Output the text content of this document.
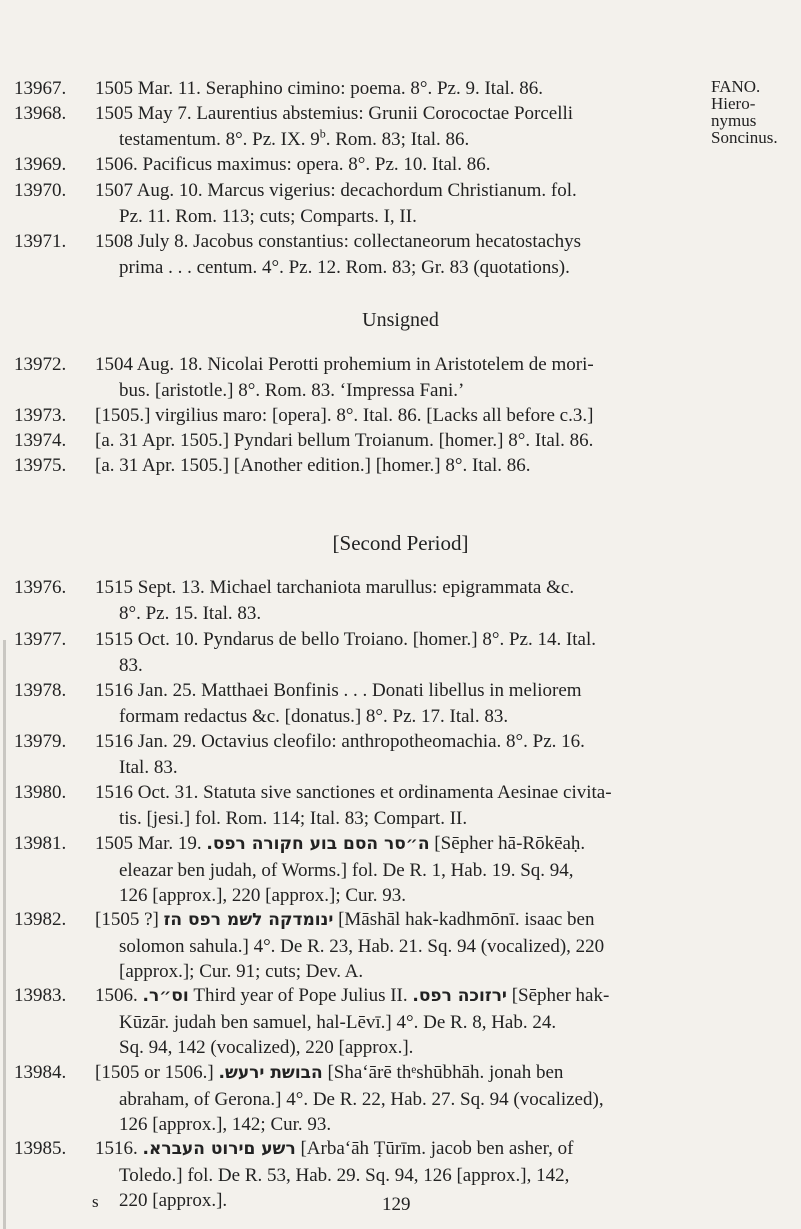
FANO.
Hiero-
nymus
Soncinus.
13967.	1505 Mar. 11. Seraphino cimino: poema. 8°. Pz. 9. Ital. 86.
13968.	1505 May 7. Laurentius abstemius: Grunii Corococtae Porcelli
testamentum. 8°. Pz. IX. 9$^b$. Rom. 83; Ital. 86.
13969.	1506. Pacificus maximus: opera. 8°. Pz. 10. Ital. 86.
13970.	1507 Aug. 10. Marcus vigerius: decachordum Christianum. fol.
Pz. 11. Rom. 113; cuts; Comparts. I, II.
13971.	1508 July 8. Jacobus constantius: collectaneorum hecatostachys
prima . . . centum. 4°. Pz. 12. Rom. 83; Gr. 83 (quotations).
Unsigned
13972.	1504 Aug. 18. Nicolai Perotti prohemium in Aristotelem de mori-
bus. [aristotle.] 8°. Rom. 83. ‘Impressa Fani.’
13973.	[1505.] virgilius maro: [opera]. 8°. Ital. 86. [Lacks all before c.3.]
13974.	[a. 31 Apr. 1505.] Pyndari bellum Troianum. [homer.] 8°. Ital. 86.
13975.	[a. 31 Apr. 1505.] [Another edition.] [homer.] 8°. Ital. 86.
[Second Period]
13976.	1515 Sept. 13. Michael tarchaniota marullus: epigrammata &c.
8°. Pz. 15. Ital. 83.
13977.	1515 Oct. 10. Pyndarus de bello Troiano. [homer.] 8°. Pz. 14. Ital.
83.
13978.	1516 Jan. 25. Matthaei Bonfinis . . . Donati libellus in meliorem
formam redactus &c. [donatus.] 8°. Pz. 17. Ital. 83.
13979.	1516 Jan. 29. Octavius cleofilo: anthropotheomachia. 8°. Pz. 16.
Ital. 83.
13980.	1516 Oct. 31. Statuta sive sanctiones et ordinamenta Aesinae civita-
tis. [jesi.] fol. Rom. 114; Ital. 83; Compart. II.
13981.	1505 Mar. 19. ה״סר הסם בוע חקורה רפס. [Sēpher hā-Rōkēaḥ.
eleazar ben judah, of Worms.] fol. De R. 1, Hab. 19. Sq. 94,
126 [approx.], 220 [approx.]; Cur. 93.
13982.	[1505 ?] ינומדקה לשמ רפס הז [Māshāl hak-kadhmōnī. isaac ben
solomon sahula.] 4°. De R. 23, Hab. 21. Sq. 94 (vocalized), 220
[approx.]; Cur. 91; cuts; Dev. A.
13983.	1506. וס״ר. Third year of Pope Julius II. ירזוכה רפס. [Sēpher hak-
Kūzār. judah ben samuel, hal-Lēvī.] 4°. De R. 8, Hab. 24.
Sq. 94, 142 (vocalized), 220 [approx.].
13984.	[1505 or 1506.] הבושת ירעש. [Sha‘ārē thᵉshūbhāh. jonah ben
abraham, of Gerona.] 4°. De R. 22, Hab. 27. Sq. 94 (vocalized),
126 [approx.], 142; Cur. 93.
13985.	1516. רשע םירוט העברא. [Arba‘āh Ṭūrīm. jacob ben asher, of
Toledo.] fol. De R. 53, Hab. 29. Sq. 94, 126 [approx.], 142,
220 [approx.].
s	129
